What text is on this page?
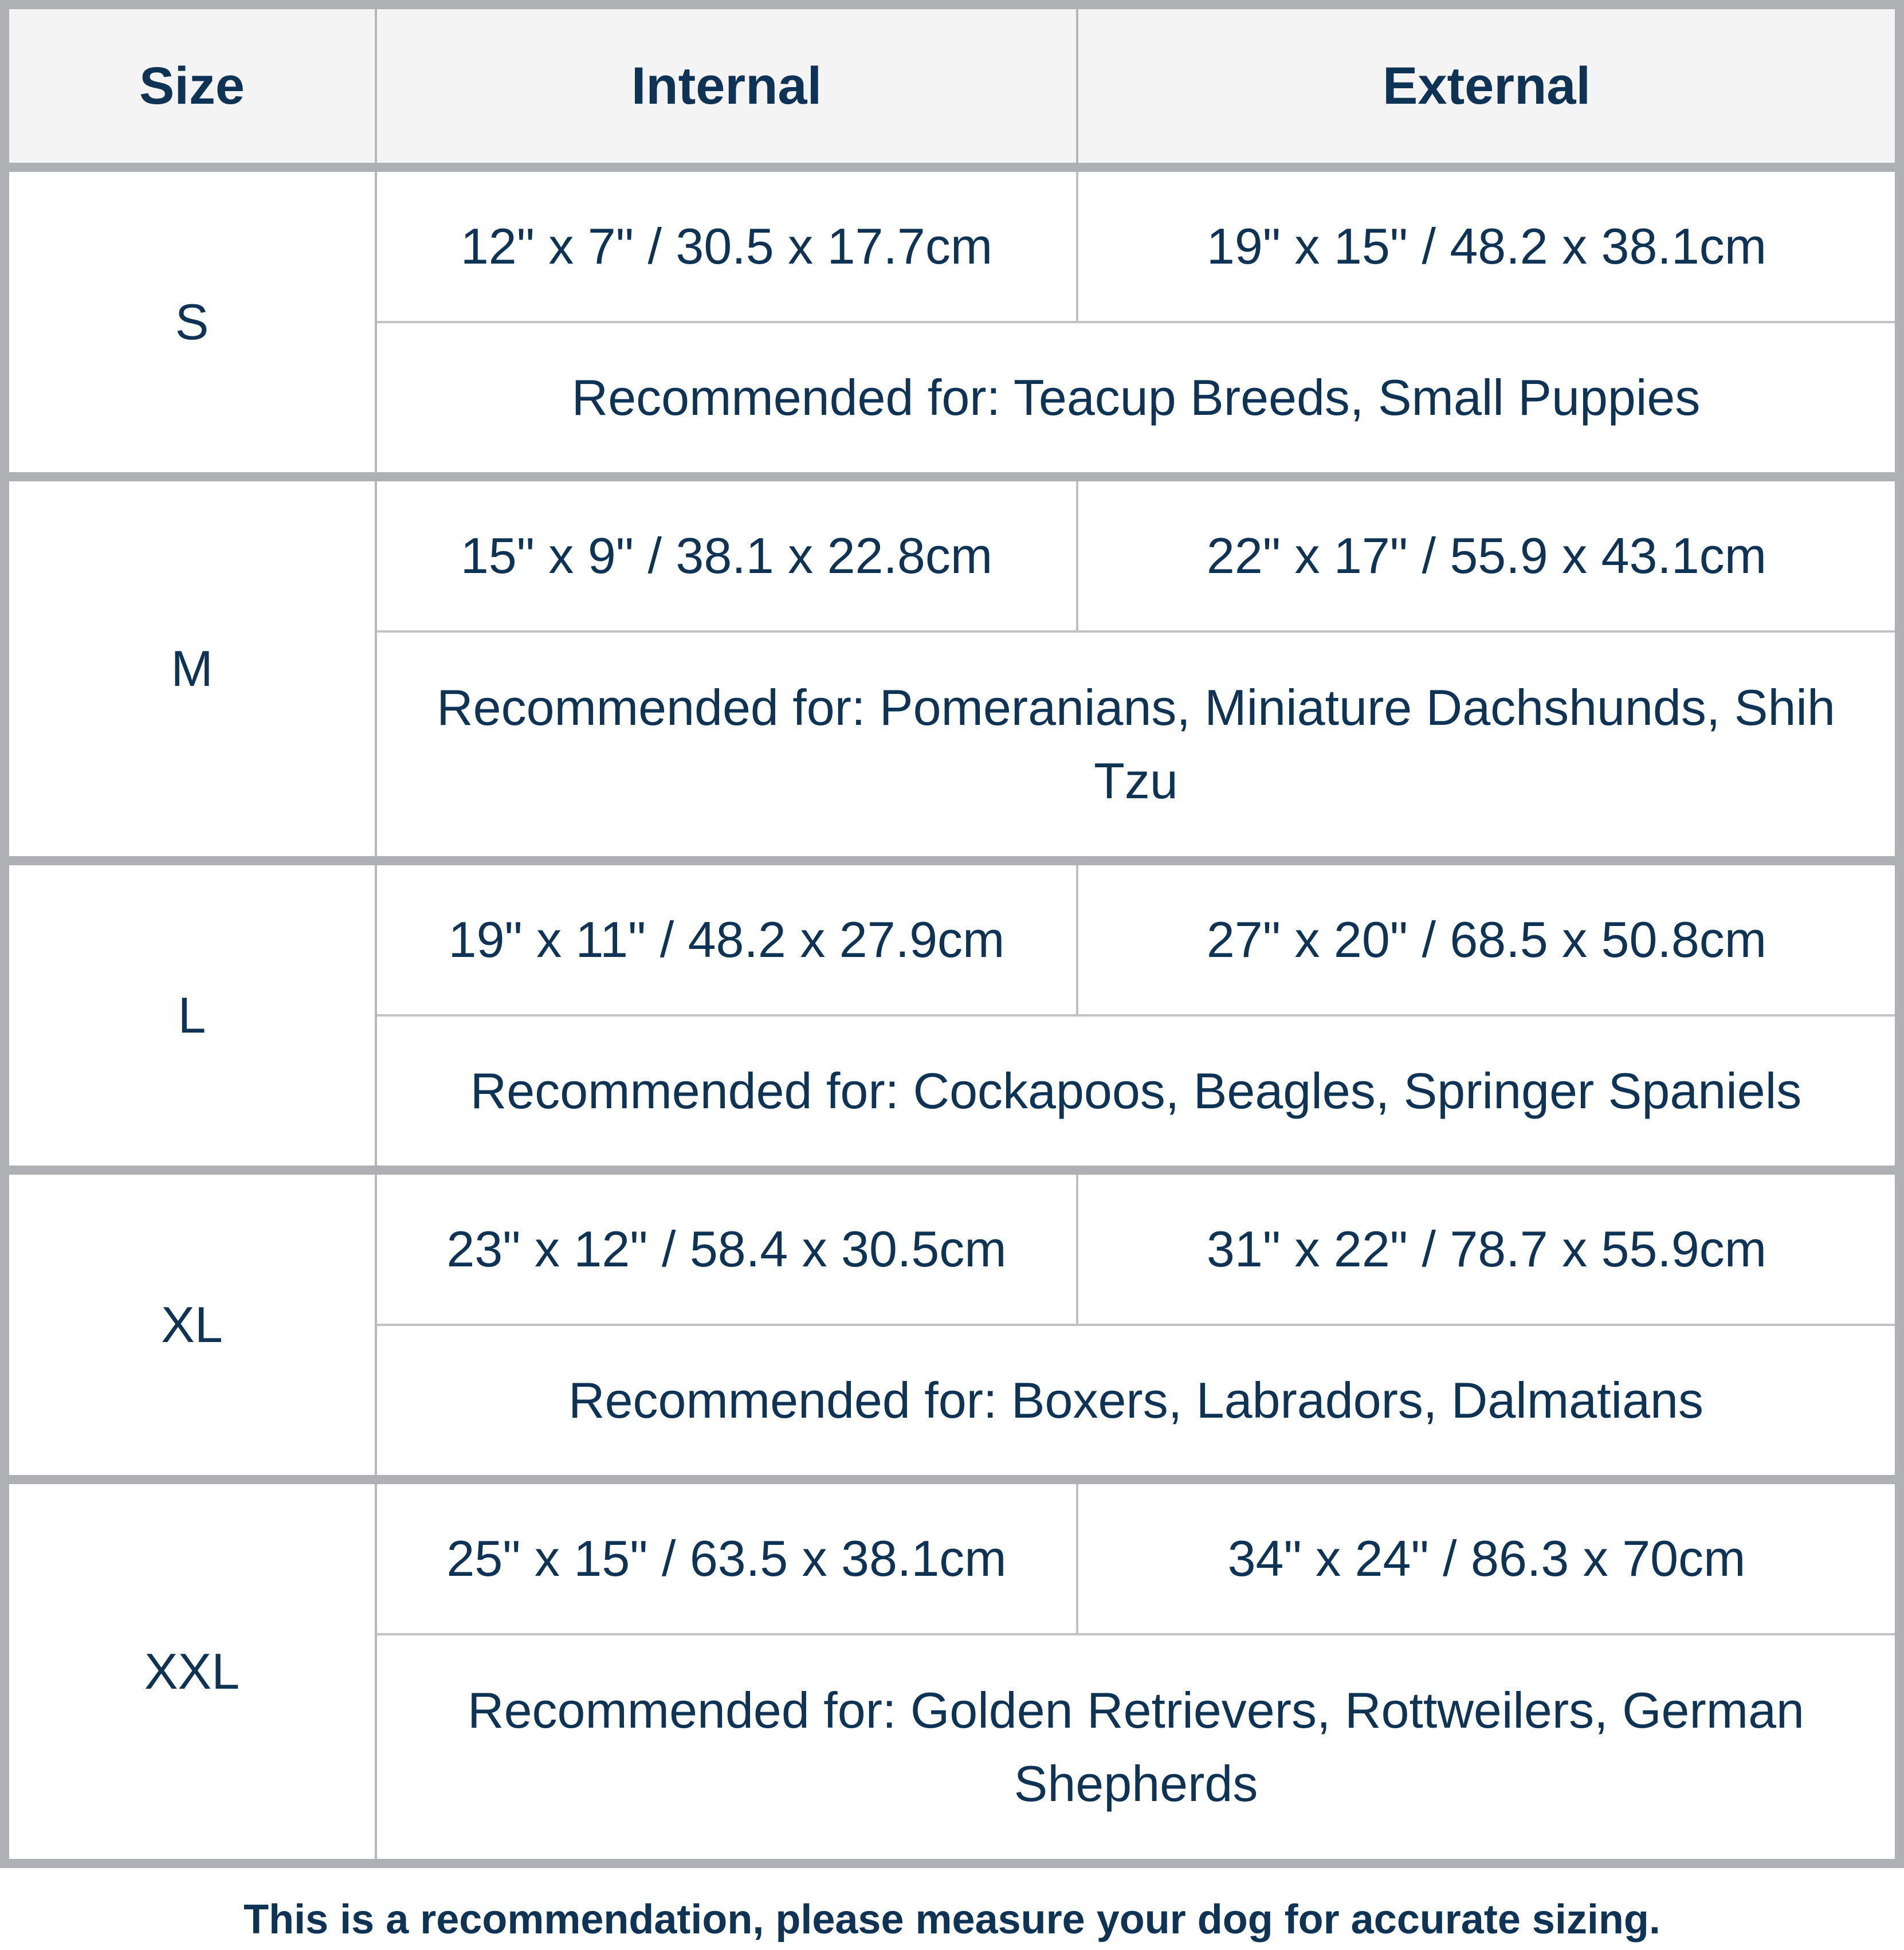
Size	Internal	External
S	12" x 7" / 30.5 x 17.7cm	19" x 15" / 48.2 x 38.1cm
	Recommended for: Teacup Breeds, Small Puppies	
M	15" x 9" / 38.1 x 22.8cm	22" x 17" / 55.9 x 43.1cm
	Recommended for: Pomeranians, Miniature Dachshunds, Shih Tzu	
L	19" x 11" / 48.2 x 27.9cm	27" x 20" / 68.5 x 50.8cm
	Recommended for: Cockapoos, Beagles, Springer Spaniels	
XL	23" x 12" / 58.4 x 30.5cm	31" x 22" / 78.7 x 55.9cm
	Recommended for: Boxers, Labradors, Dalmatians	
XXL	25" x 15" / 63.5 x 38.1cm	34" x 24" / 86.3 x 70cm
	Recommended for: Golden Retrievers, Rottweilers, German Shepherds	
This is a recommendation, please measure your dog for accurate sizing.
